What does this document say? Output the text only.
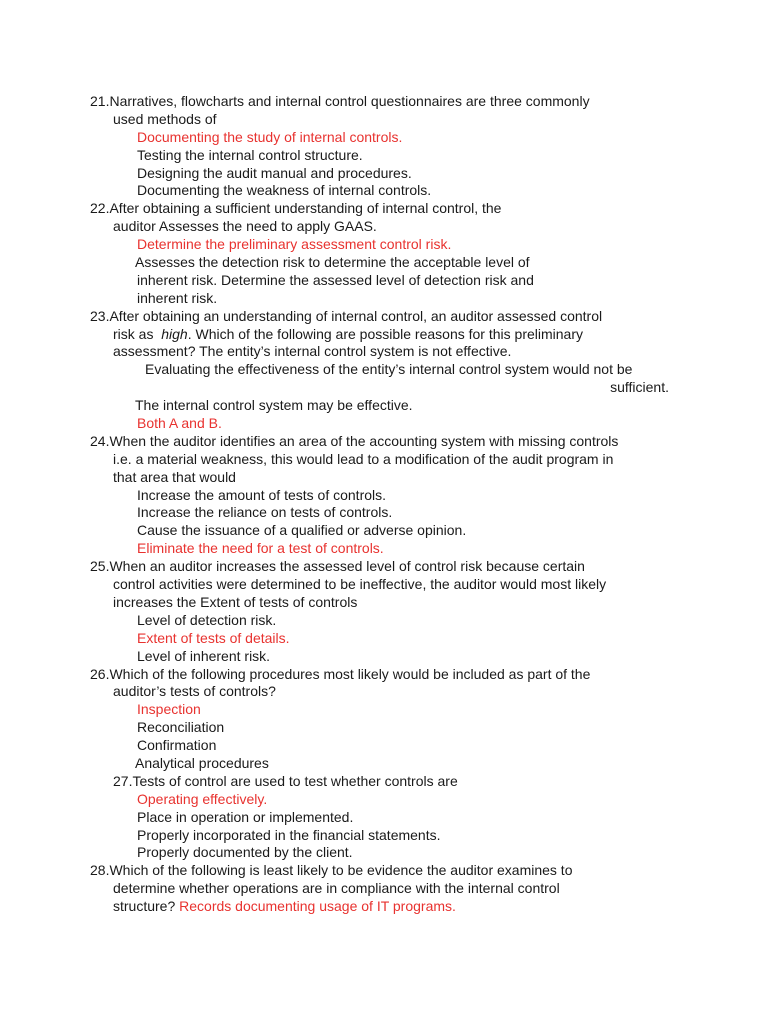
21.Narratives, flowcharts and internal control questionnaires are three commonly
used methods of
Documenting the study of internal controls.
Testing the internal control structure.
Designing the audit manual and procedures.
Documenting the weakness of internal controls.
22.After obtaining a sufficient understanding of internal control, the
auditor Assesses the need to apply GAAS.
Determine the preliminary assessment control risk.
Assesses the detection risk to determine the acceptable level of
inherent risk. Determine the assessed level of detection risk and
inherent risk.
23.After obtaining an understanding of internal control, an auditor assessed control
risk as  high. Which of the following are possible reasons for this preliminary
assessment? The entity’s internal control system is not effective.
Evaluating the effectiveness of the entity’s internal control system would not be
sufficient.
The internal control system may be effective.
Both A and B.
24.When the auditor identifies an area of the accounting system with missing controls
i.e. a material weakness, this would lead to a modification of the audit program in
that area that would
Increase the amount of tests of controls.
Increase the reliance on tests of controls.
Cause the issuance of a qualified or adverse opinion.
Eliminate the need for a test of controls.
25.When an auditor increases the assessed level of control risk because certain
control activities were determined to be ineffective, the auditor would most likely
increases the Extent of tests of controls
Level of detection risk.
Extent of tests of details.
Level of inherent risk.
26.Which of the following procedures most likely would be included as part of the
auditor’s tests of controls?
Inspection
Reconciliation
Confirmation
Analytical procedures
27.Tests of control are used to test whether controls are
Operating effectively.
Place in operation or implemented.
Properly incorporated in the financial statements.
Properly documented by the client.
28.Which of the following is least likely to be evidence the auditor examines to
determine whether operations are in compliance with the internal control
structure? Records documenting usage of IT programs.
